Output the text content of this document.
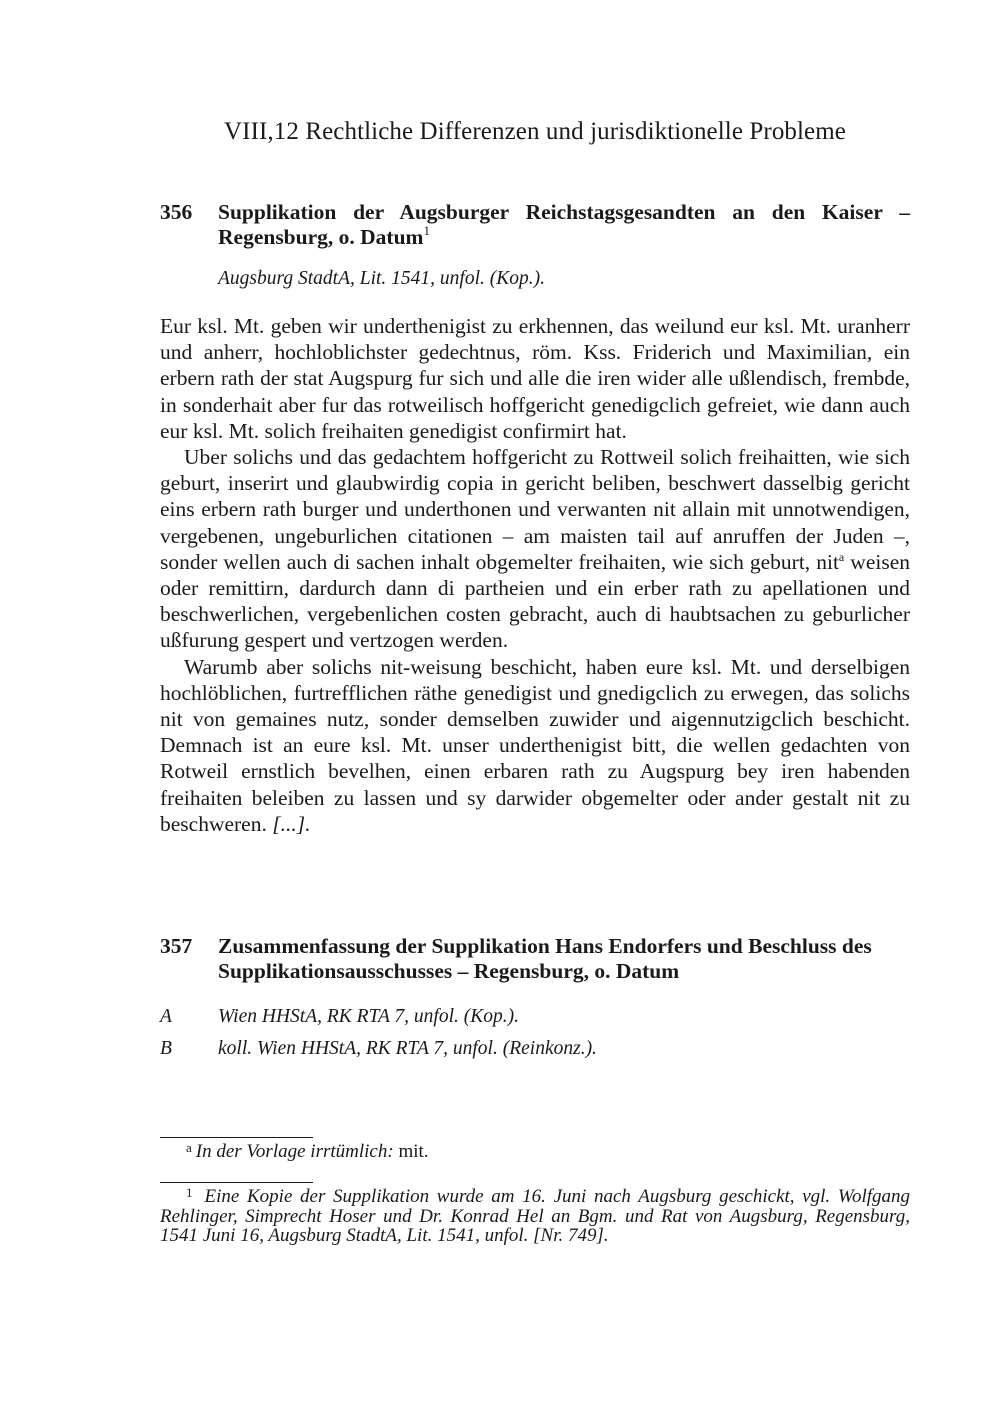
VIII,12 Rechtliche Differenzen und jurisdiktionelle Probleme
356	Supplikation der Augsburger Reichstagsgesandten an den Kaiser – Regensburg, o. Datum$^1$
Augsburg StadtA, Lit. 1541, unfol. (Kop.).

Eur ksl. Mt. geben wir underthenigist zu erkhennen, das weilund eur ksl. Mt. uranherr und anherr, hochloblichster gedechtnus, röm. Kss. Friderich und Maximilian, ein erbern rath der stat Augspurg fur sich und alle die iren wider alle ußlendisch, frembde, in sonderhait aber fur das rotweilisch hoffgericht genedigclich gefreiet, wie dann auch eur ksl. Mt. solich freihaiten genedigist confirmirt hat.

Uber solichs und das gedachtem hoffgericht zu Rottweil solich freihaitten, wie sich geburt, inserirt und glaubwirdig copia in gericht beliben, beschwert dasselbig gericht eins erbern rath burger und underthonen und verwanten nit allain mit unnotwendigen, vergebenen, ungeburlichen citationen – am maisten tail auf anruffen der Juden –, sonder wellen auch di sachen inhalt obgemelter freihaiten, wie sich geburt, nit$^a$ weisen oder remittirn, dardurch dann di partheien und ein erber rath zu apellationen und beschwerlichen, vergebenlichen costen gebracht, auch di haubtsachen zu geburlicher ußfurung gespert und vertzogen werden.

Warumb aber solichs nit-weisung beschicht, haben eure ksl. Mt. und derselbigen hochlöblichen, furtrefflichen räthe genedigist und gnedigclich zu erwegen, das solichs nit von gemaines nutz, sonder demselben zuwider und aigennutzigclich beschicht. Demnach ist an eure ksl. Mt. unser underthenigist bitt, die wellen gedachten von Rotweil ernstlich bevelhen, einen erbaren rath zu Augspurg bey iren habenden freihaiten beleiben zu lassen und sy darwider obgemelter oder ander gestalt nit zu beschweren. [...].

357	Zusammenfassung der Supplikation Hans Endorfers und Beschluss des Supplikationsausschusses – Regensburg, o. Datum
A	Wien HHStA, RK RTA 7, unfol. (Kop.).
B	koll. Wien HHStA, RK RTA 7, unfol. (Reinkonz.).
$^a$ In der Vorlage irrtümlich: mit.
$^1$ Eine Kopie der Supplikation wurde am 16. Juni nach Augsburg geschickt, vgl. Wolfgang Rehlinger, Simprecht Hoser und Dr. Konrad Hel an Bgm. und Rat von Augsburg, Regensburg, 1541 Juni 16, Augsburg StadtA, Lit. 1541, unfol. [Nr. 749].
